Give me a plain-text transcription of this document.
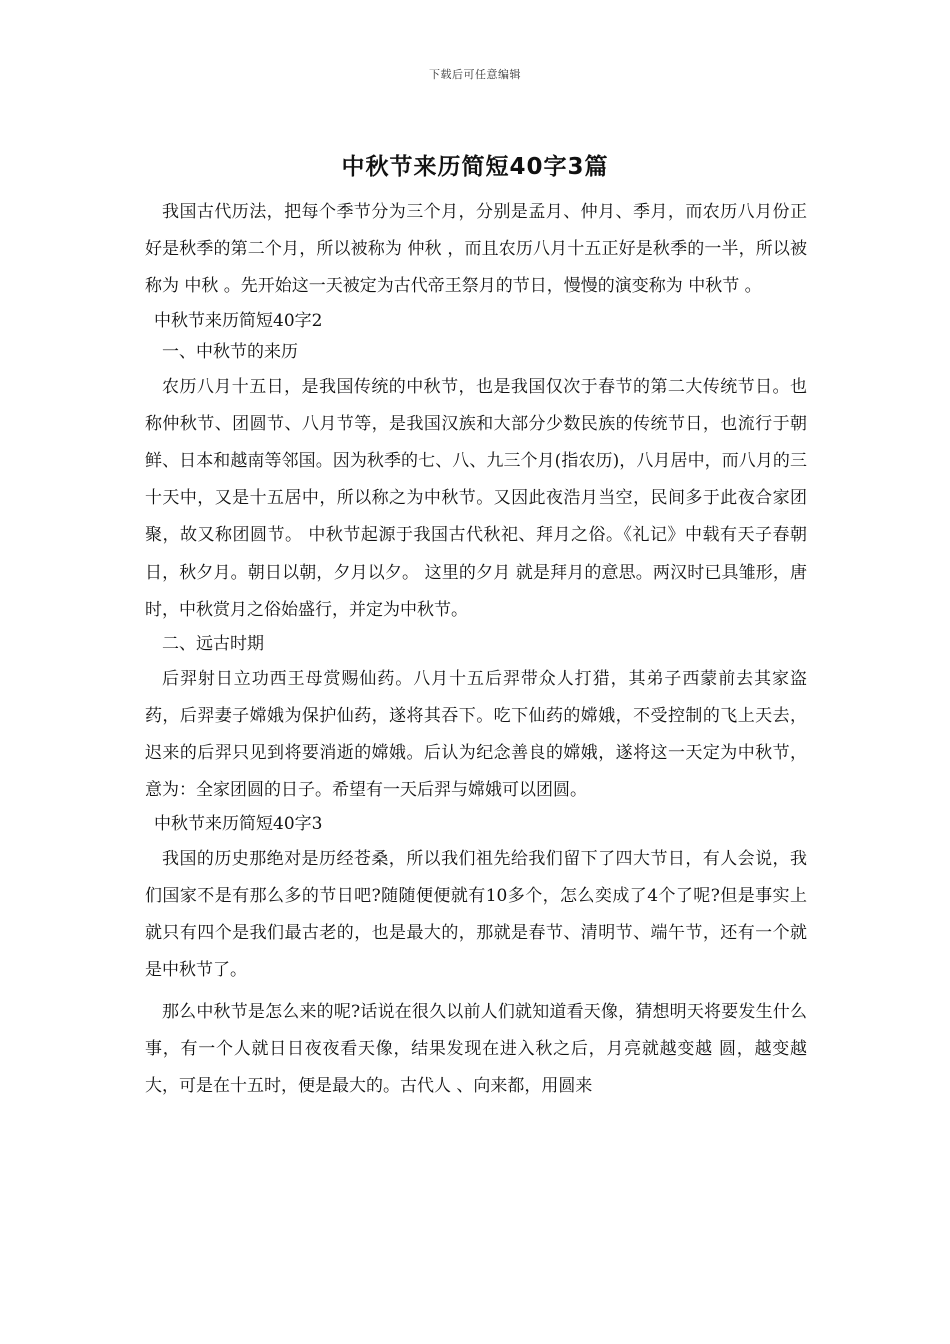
下载后可任意编辑
中秋节来历简短40字3篇

我国古代历法，把每个季节分为三个月，分别是孟月、仲月、季月，而农历八月份正好是秋季的第二个月，所以被称为 仲秋 ，而且农历八月十五正好是秋季的一半，所以被称为 中秋 。先开始这一天被定为古代帝王祭月的节日，慢慢的演变称为 中秋节 。

中秋节来历简短40字2

一、中秋节的来历

农历八月十五日，是我国传统的中秋节，也是我国仅次于春节的第二大传统节日。也称仲秋节、团圆节、八月节等，是我国汉族和大部分少数民族的传统节日，也流行于朝鲜、日本和越南等邻国。因为秋季的七、八、九三个月(指农历)，八月居中，而八月的三十天中，又是十五居中，所以称之为中秋节。又因此夜浩月当空，民间多于此夜合家团聚，故又称团圆节。 中秋节起源于我国古代秋祀、拜月之俗。《礼记》中载有天子春朝日，秋夕月。朝日以朝，夕月以夕。 这里的夕月 就是拜月的意思。两汉时已具雏形，唐时，中秋赏月之俗始盛行，并定为中秋节。

二、远古时期

后羿射日立功西王母赏赐仙药。八月十五后羿带众人打猎，其弟子西蒙前去其家盗药，后羿妻子嫦娥为保护仙药，遂将其吞下。吃下仙药的嫦娥，不受控制的飞上天去，迟来的后羿只见到将要消逝的嫦娥。后认为纪念善良的嫦娥，遂将这一天定为中秋节，意为：全家团圆的日子。希望有一天后羿与嫦娥可以团圆。

中秋节来历简短40字3

我国的历史那绝对是历经苍桑，所以我们祖先给我们留下了四大节日，有人会说，我们国家不是有那么多的节日吧?随随便便就有10多个，怎么奕成了4个了呢?但是事实上就只有四个是我们最古老的，也是最大的，那就是春节、清明节、端午节，还有一个就是中秋节了。

那么中秋节是怎么来的呢?话说在很久以前人们就知道看天像，猜想明天将要发生什么事，有一个人就日日夜夜看天像，结果发现在进入秋之后，月亮就越变越 圆，越变越大，可是在十五时，便是最大的。古代人 、向来都，用圆来
